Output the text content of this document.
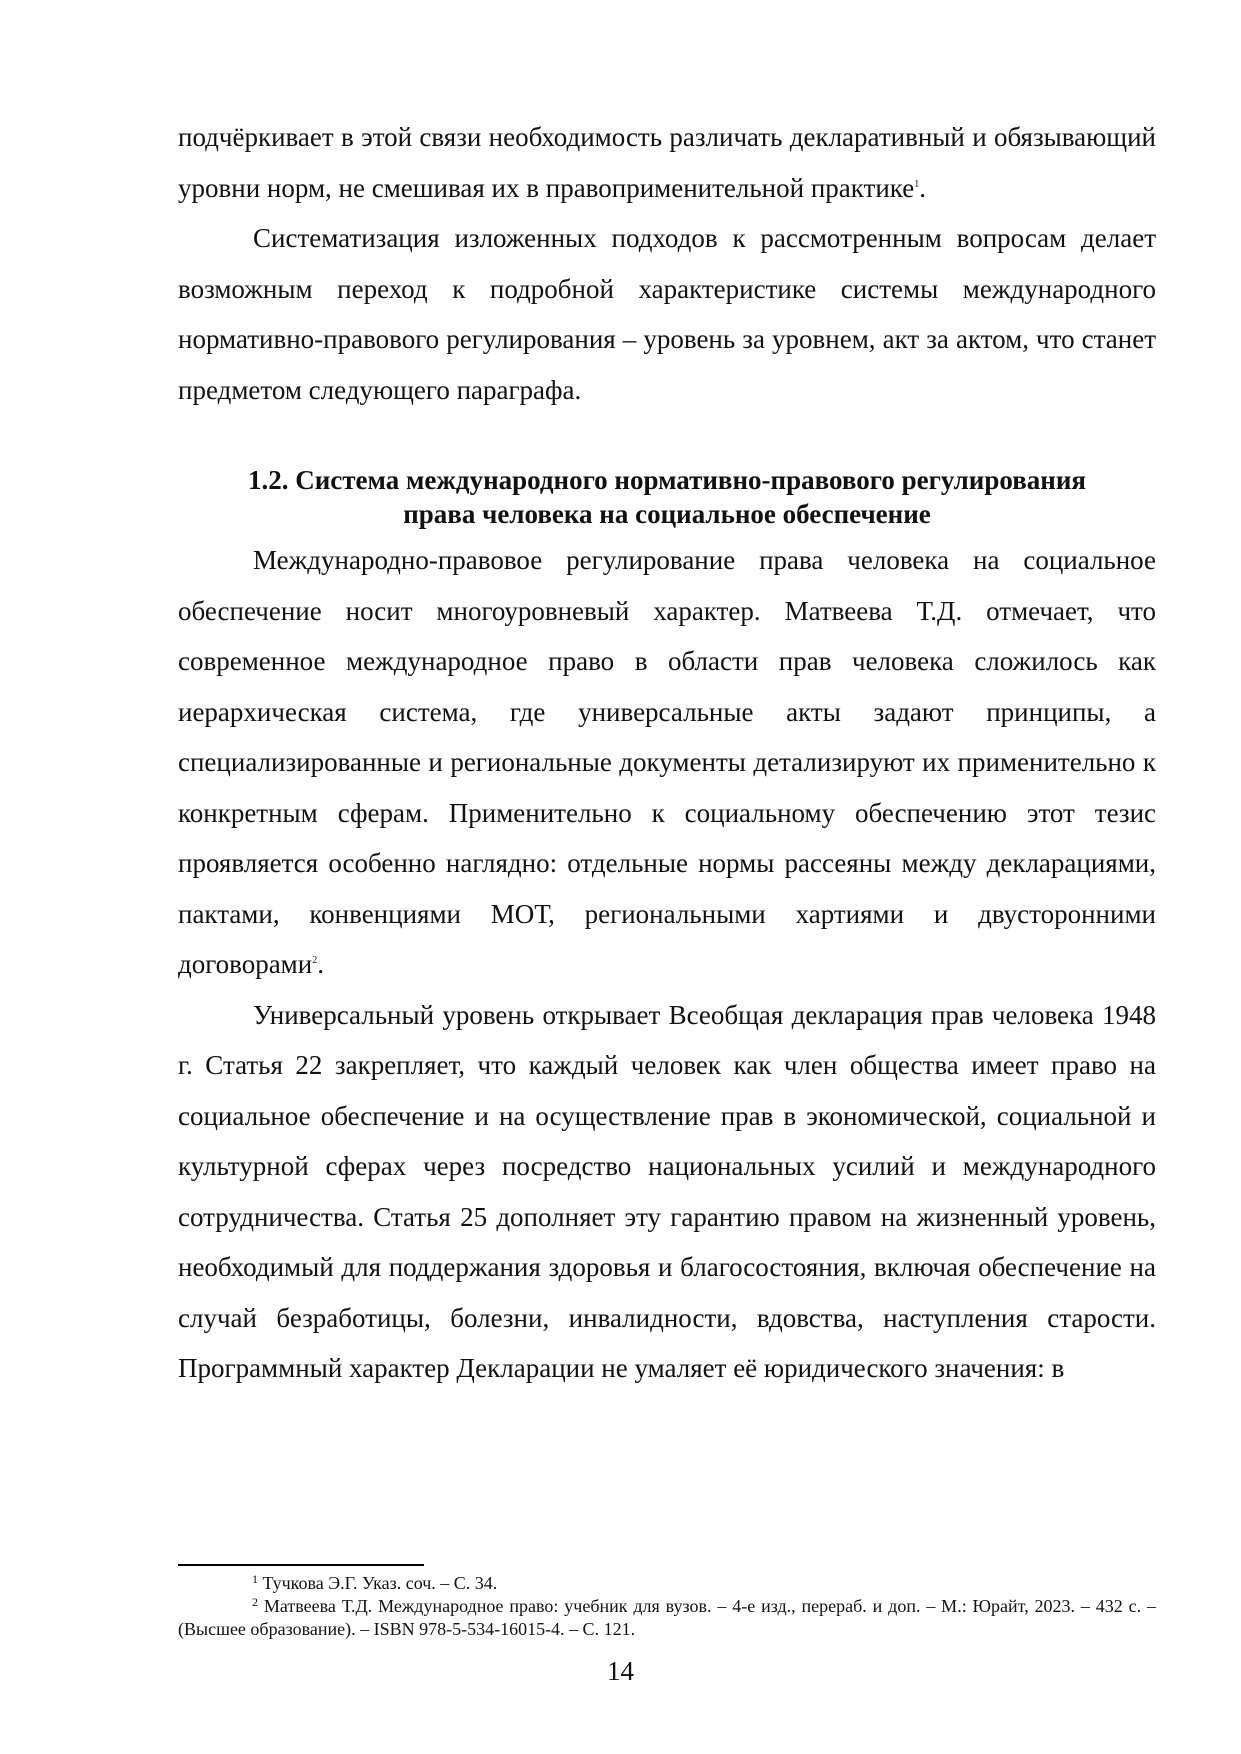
подчёркивает в этой связи необходимость различать декларативный и обязывающий уровни норм, не смешивая их в правоприменительной практике$^1$.

Систематизация изложенных подходов к рассмотренным вопросам делает возможным переход к подробной характеристике системы международного нормативно-правового регулирования – уровень за уровнем, акт за актом, что станет предметом следующего параграфа.

1.2. Система международного нормативно-правового регулирования
права человека на социальное обеспечение

Международно-правовое регулирование права человека на социальное обеспечение носит многоуровневый характер. Матвеева Т.Д. отмечает, что современное международное право в области прав человека сложилось как иерархическая система, где универсальные акты задают принципы, а специализированные и региональные документы детализируют их применительно к конкретным сферам. Применительно к социальному обеспечению этот тезис проявляется особенно наглядно: отдельные нормы рассеяны между декларациями, пактами, конвенциями МОТ, региональными хартиями и двусторонними договорами$^2$.

Универсальный уровень открывает Всеобщая декларация прав человека 1948 г. Статья 22 закрепляет, что каждый человек как член общества имеет право на социальное обеспечение и на осуществление прав в экономической, социальной и культурной сферах через посредство национальных усилий и международного сотрудничества. Статья 25 дополняет эту гарантию правом на жизненный уровень, необходимый для поддержания здоровья и благосостояния, включая обеспечение на случай безработицы, болезни, инвалидности, вдовства, наступления старости. Программный характер Декларации не умаляет её юридического значения: в

$^1$ Тучкова Э.Г. Указ. соч. – С. 34.

$^2$ Матвеева Т.Д. Международное право: учебник для вузов. – 4-е изд., перераб. и доп. – М.: Юрайт, 2023. – 432 с. – (Высшее образование). – ISBN 978-5-534-16015-4. – С. 121.

14
